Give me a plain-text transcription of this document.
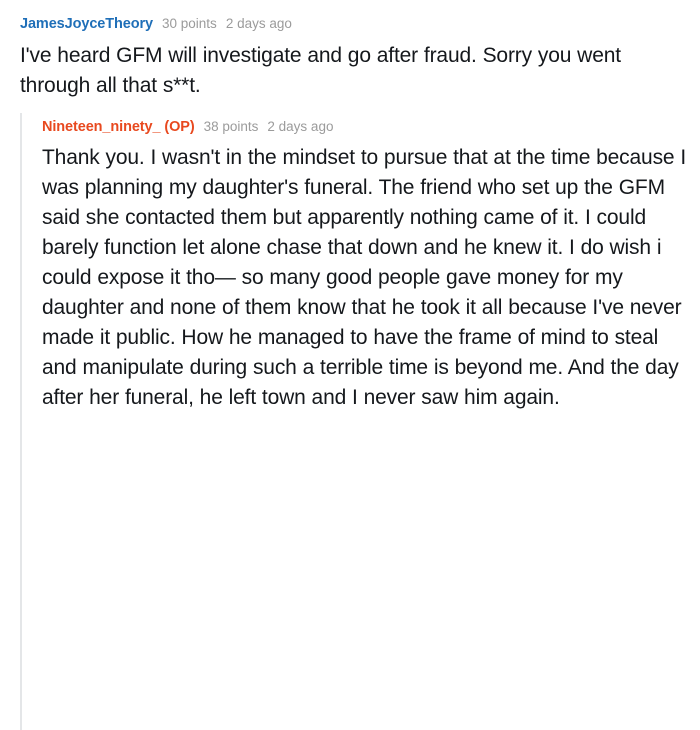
JamesJoyceTheory 30 points 2 days ago
I've heard GFM will investigate and go after fraud. Sorry you went through all that s**t.
Nineteen_ninety_ (OP) 38 points 2 days ago
Thank you. I wasn't in the mindset to pursue that at the time because I was planning my daughter's funeral. The friend who set up the GFM said she contacted them but apparently nothing came of it. I could barely function let alone chase that down and he knew it. I do wish i could expose it tho— so many good people gave money for my daughter and none of them know that he took it all because I've never made it public. How he managed to have the frame of mind to steal and manipulate during such a terrible time is beyond me. And the day after her funeral, he left town and I never saw him again.
